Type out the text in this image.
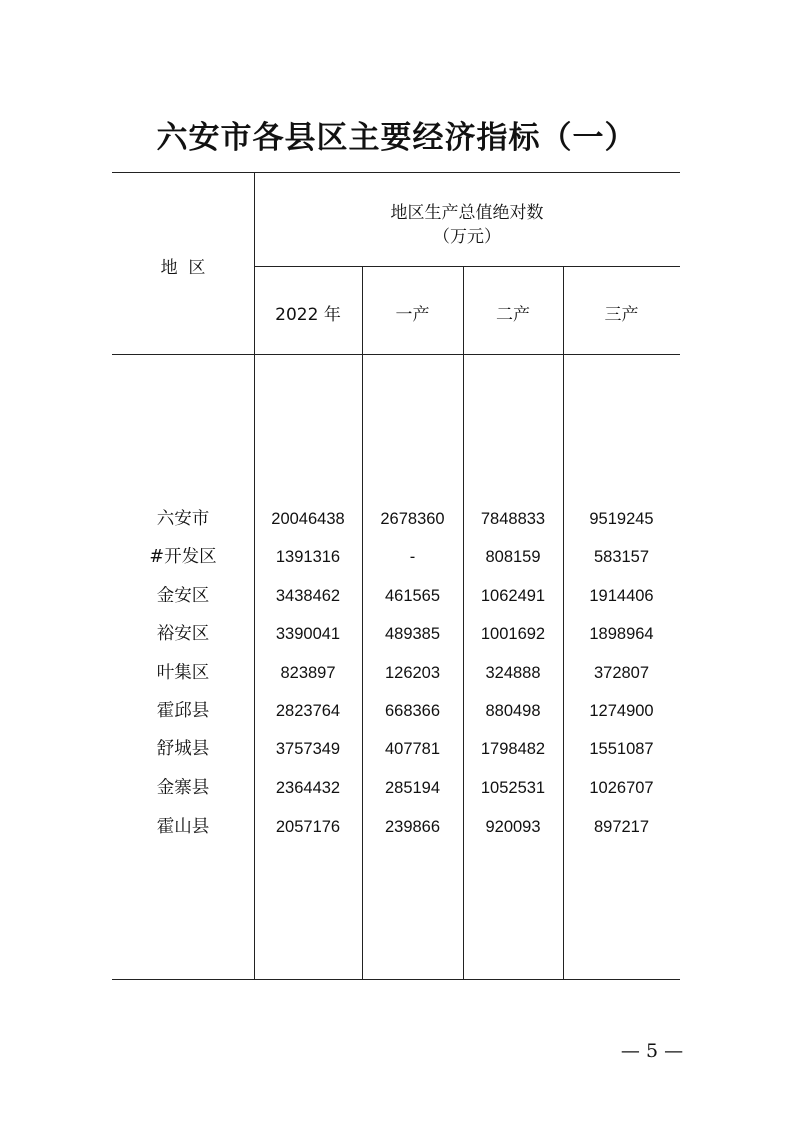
六安市各县区主要经济指标（一）
地  区
地区生产总值绝对数
（万元）
2022 年	一产	二产	三产
六安市	20046438	2678360	7848833	9519245
#开发区	1391316	-	808159	583157
金安区	3438462	461565	1062491	1914406
裕安区	3390041	489385	1001692	1898964
叶集区	823897	126203	324888	372807
霍邱县	2823764	668366	880498	1274900
舒城县	3757349	407781	1798482	1551087
金寨县	2364432	285194	1052531	1026707
霍山县	2057176	239866	920093	897217
— 5 —
